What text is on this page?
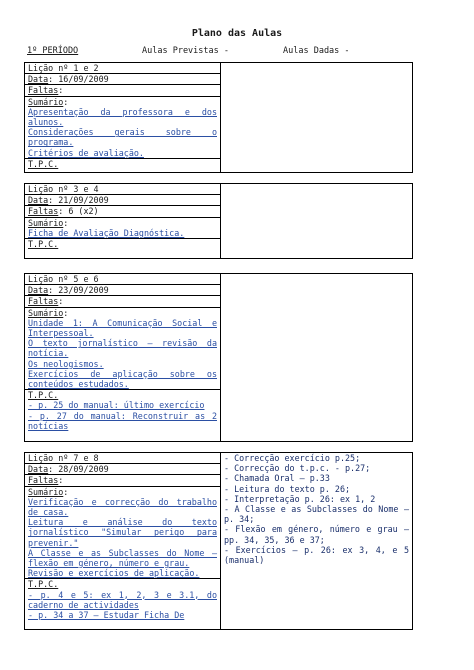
Plano das Aulas
1º PERÍODO	Aulas Previstas -	Aulas Dadas -
Lição nº 1 e 2
Data: 16/09/2009
Faltas:
Sumário:
Apresentação da professora e dos alunos.
Considerações gerais sobre o programa.
Critérios de avaliação.
T.P.C.
Lição nº 3 e 4
Data: 21/09/2009
Faltas: 6 (x2)
Sumário:
Ficha de Avaliação Diagnóstica.
T.P.C.
Lição nº 5 e 6
Data: 23/09/2009
Faltas:
Sumário:
Unidade 1: A Comunicação Social e Interpessoal.
O texto jornalístico – revisão da notícia.
Os neologismos.
Exercícios de aplicação sobre os conteúdos estudados.
T.P.C.
- p. 25 do manual: último exercício
- p. 27 do manual: Reconstruir as 2 notícias
Lição nº 7 e 8
Data: 28/09/2009
Faltas:
Sumário:
Verificação e correcção do trabalho de casa.
Leitura e análise do texto jornalístico "Simular perigo para prevenir."
A Classe e as Subclasses do Nome – flexão em género, número e grau.
Revisão e exercícios de aplicação.
T.P.C.
- p. 4 e 5: ex 1, 2, 3 e 3.1, do caderno de actividades
- p. 34 a 37 – Estudar Ficha De
- Correcção exercício p.25;
- Correcção do t.p.c. - p.27;
- Chamada Oral – p.33
- Leitura do texto p. 26;
- Interpretação p. 26: ex 1, 2
- A Classe e as Subclasses do Nome – p. 34;
- Flexão em género, número e grau – pp. 34, 35, 36 e 37;
- Exercícios – p. 26: ex 3, 4, e 5 (manual)
